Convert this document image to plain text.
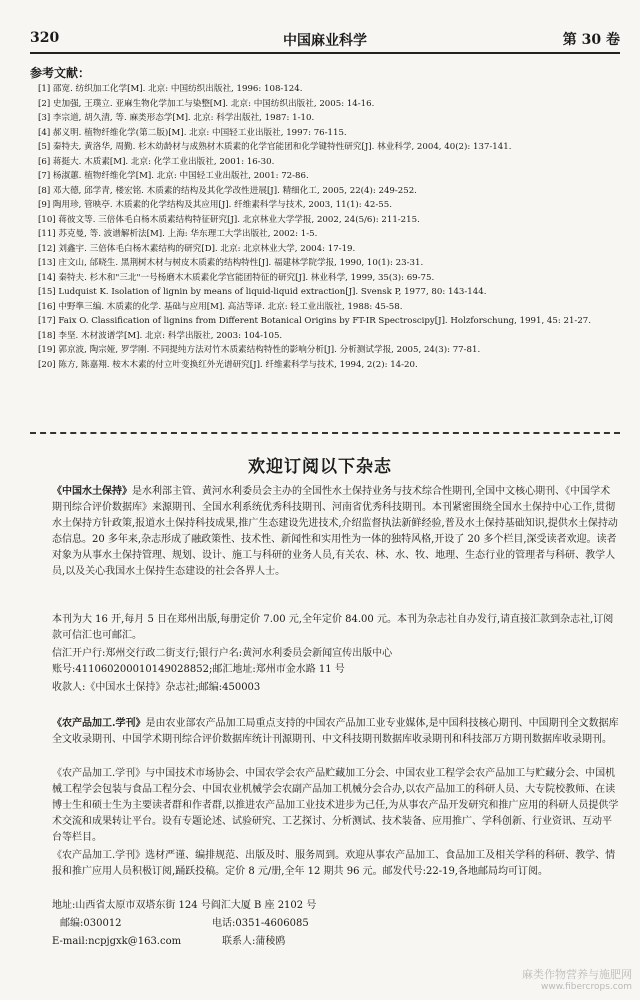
320	中国麻业科学	第 30 卷
参考文献：
[1] 邵宽. 纺织加工化学[M]. 北京: 中国纺织出版社, 1996: 108-124.
[2] 史加强, 王璞立. 亚麻生物化学加工与染整[M]. 北京: 中国纺织出版社, 2005: 14-16.
[3] 李宗道, 胡久清, 等. 麻类形态学[M]. 北京: 科学出版社, 1987: 1-10.
[4] 郝义明. 植物纤维化学(第二版)[M]. 北京: 中国轻工业出版社, 1997: 76-115.
[5] 秦特夫, 黄洛华, 周勤. 杉木幼龄材与成熟材木质素的化学官能团和化学键特性研究[J]. 林业科学, 2004, 40(2): 137-141.
[6] 蒋挺大. 木质素[M]. 北京: 化学工业出版社, 2001: 16-30.
[7] 杨淑蕙. 植物纤维化学[M]. 北京: 中国轻工业出版社, 2001: 72-86.
[8] 邓大德, 邱学青, 楼宏铭. 木质素的结构及其化学改性进展[J]. 精细化工, 2005, 22(4): 249-252.
[9] 陶用珍, 管映亭. 木质素的化学结构及其应用[J]. 纤维素科学与技术, 2003, 11(1): 42-55.
[10] 蒋彼文等. 三倍体毛白杨木质素结构特征研究[J]. 北京林业大学学报, 2002, 24(5/6): 211-215.
[11] 苏克曼, 等. 波谱解析法[M]. 上海: 华东理工大学出版社, 2002: 1-5.
[12] 刘鑫宇. 三倍体毛白杨木素结构的研究[D]. 北京: 北京林业大学, 2004: 17-19.
[13] 庄文山, 邰晓生. 黑荆树木材与树皮木质素的结构特性[J]. 福建林学院学报, 1990, 10(1): 23-31.
[14] 秦特夫. 杉木和"三北"一号杨磨木木质素化学官能团特征的研究[J]. 林业科学, 1999, 35(3): 69-75.
[15] Ludquist K. Isolation of lignin by means of liquid-liquid extraction[J]. Svensk P, 1977, 80: 143-144.
[16] 中野準三编. 木质素的化学. 基础与应用[M]. 高洁等译. 北京: 轻工业出版社, 1988: 45-58.
[17] Faix O. Classification of lignins from Different Botanical Origins by FT-IR Spectroscipy[J]. Holzforschung, 1991, 45: 21-27.
[18] 李坚. 木材波谱学[M]. 北京: 科学出版社, 2003: 104-105.
[19] 郭京波, 陶宗娅, 罗学刚. 不同提纯方法对竹木质素结构特性的影响分析[J]. 分析测试学报, 2005, 24(3): 77-81.
[20] 陈方, 陈嘉翔. 桉木木素的付立叶变换红外光谱研究[J]. 纤维素科学与技术, 1994, 2(2): 14-20.
欢迎订阅以下杂志

《中国水土保持》是水利部主管、黄河水利委员会主办的全国性水土保持业务与技术综合性期刊,全国中文核心期刊、《中国学术期刊综合评价数据库》来源期刊、全国水利系统优秀科技期刊、河南省优秀科技期刊。本刊紧密围绕全国水土保持中心工作,贯彻水土保持方针政策,报道水土保持科技成果,推广生态建设先进技术,介绍监督执法新鲜经验,普及水土保持基础知识,提供水土保持动态信息。20 多年来,杂志形成了融政策性、技术性、新闻性和实用性为一体的独特风格,开设了 20 多个栏目,深受读者欢迎。读者对象为从事水土保持管理、规划、设计、施工与科研的业务人员,有关农、林、水、牧、地理、生态行业的管理者与科研、教学人员,以及关心我国水土保持生态建设的社会各界人士。

本刊为大 16 开,每月 5 日在郑州出版,每册定价 7.00 元,全年定价 84.00 元。本刊为杂志社自办发行,请直接汇款到杂志社,订阅款可信汇也可邮汇。

信汇开户行:郑州交行政二街支行;银行户名:黄河水利委员会新闻宣传出版中心
账号:411060200010149028852;邮汇地址:郑州市金水路 11 号
收款人:《中国水土保持》杂志社;邮编:450003

《农产品加工.学刊》是由农业部农产品加工局重点支持的中国农产品加工业专业媒体,是中国科技核心期刊、中国期刊全文数据库全文收录期刊、中国学术期刊综合评价数据库统计刊源期刊、中文科技期刊数据库收录期刊和科技部万方期刊数据库收录期刊。

《农产品加工.学刊》与中国技术市场协会、中国农学会农产品贮藏加工分会、中国农业工程学会农产品加工与贮藏分会、中国机械工程学会包装与食品工程分会、中国农业机械学会农副产品加工机械分会合办,以农产品加工的科研人员、大专院校教师、在读博士生和硕士生为主要读者群和作者群,以推进农产品加工业技术进步为己任,为从事农产品开发研究和推广应用的科研人员提供学术交流和成果转让平台。设有专题论述、试验研究、工艺探讨、分析测试、技术装备、应用推广、学科创新、行业资讯、互动平台等栏目。

《农产品加工.学刊》选材严谨、编排规范、出版及时、服务周到。欢迎从事农产品加工、食品加工及相关学科的科研、教学、情报和推广应用人员积极订阅,踊跃投稿。定价 8 元/册,全年 12 期共 96 元。邮发代号:22-19,各地邮局均可订阅。

地址:山西省太原市双塔东街 124 号阎汇大厦 B 座 2102 号
邮编:030012	电话:0351-4606085
E-mail:ncpjgxk@163.com	联系人:蒲稜鸥
麻类作物营养与施肥网
www.fibercrops.com
